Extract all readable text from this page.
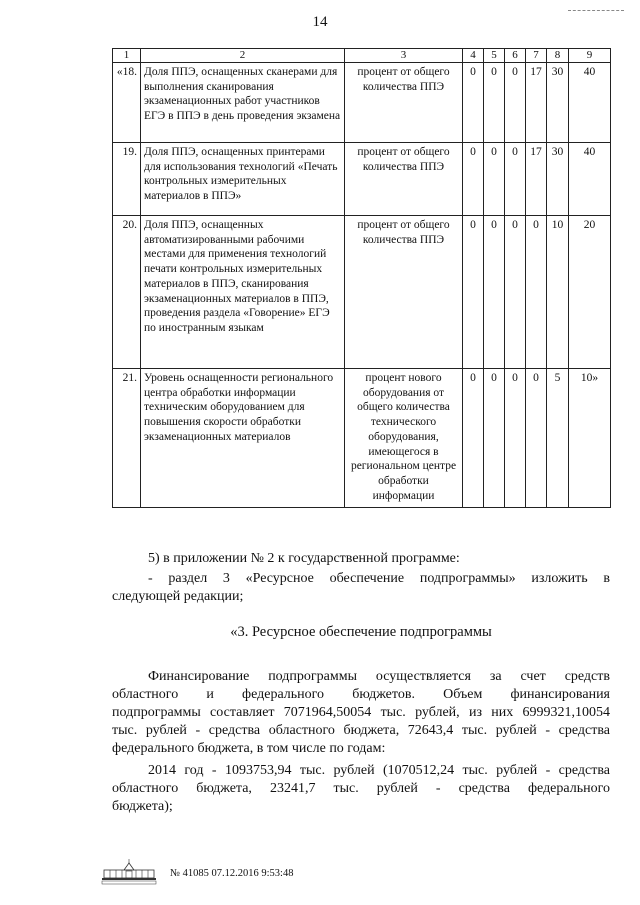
14
1	2	3	4	5	6	7	8	9
«18.	Доля ППЭ, оснащенных сканерами для выполнения сканирования экзаменационных работ участников ЕГЭ в ППЭ в день проведения экзамена	процент от общего количества ППЭ	0	0	0	17	30	40
19.	Доля ППЭ, оснащенных принтерами для использования технологий «Печать контрольных измерительных материалов в ППЭ»	процент от общего количества ППЭ	0	0	0	17	30	40
20.	Доля ППЭ, оснащенных автоматизированными рабочими местами для применения технологий печати контрольных измерительных материалов в ППЭ, сканирования экзаменационных материалов в ППЭ, проведения раздела «Говорение» ЕГЭ по иностранным языкам	процент от общего количества ППЭ	0	0	0	0	10	20
21.	Уровень оснащенности регионального центра обработки информации техническим оборудованием для повышения скорости обработки экзаменационных материалов	процент нового оборудования от общего количества технического оборудования, имеющегося в региональном центре обработки информации	0	0	0	0	5	10»
5) в приложении № 2 к государственной программе:
- раздел 3 «Ресурсное обеспечение подпрограммы» изложить в
следующей редакции;
«3. Ресурсное обеспечение подпрограммы
Финансирование подпрограммы осуществляется за счет средств
областного и федерального бюджетов. Объем финансирования
подпрограммы составляет 7071964,50054 тыс. рублей, из них 6999321,10054
тыс. рублей - средства областного бюджета, 72643,4 тыс. рублей - средства
федерального бюджета, в том числе по годам:
2014 год - 1093753,94 тыс. рублей (1070512,24 тыс. рублей - средства
областного бюджета, 23241,7 тыс. рублей - средства федерального
бюджета);
№ 41085 07.12.2016 9:53:48
